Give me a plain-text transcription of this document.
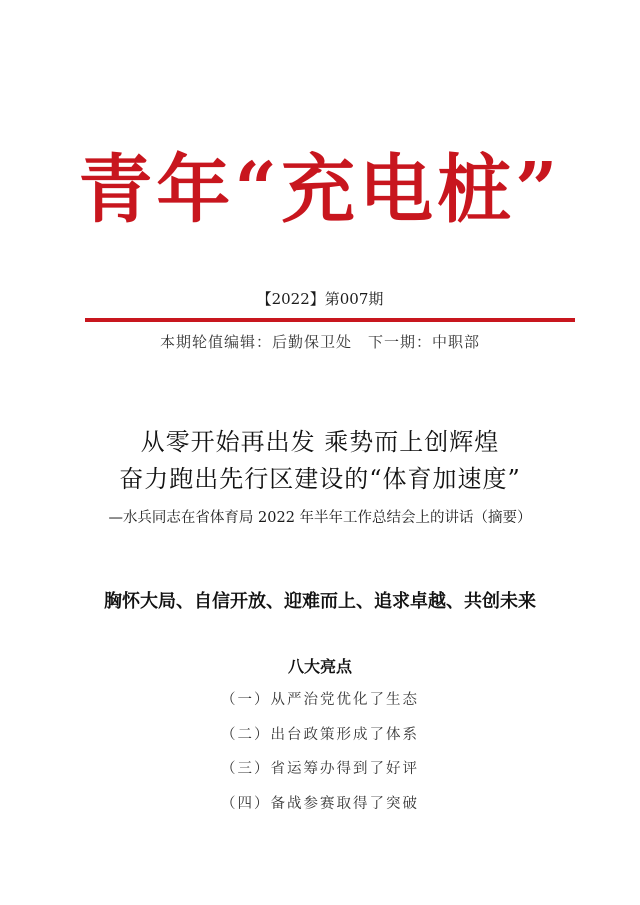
青年“充电桩”
【2022】第007期
本期轮值编辑：后勤保卫处 下一期：中职部
从零开始再出发 乘势而上创辉煌
奋力跑出先行区建设的“体育加速度”
—水兵同志在省体育局 2022 年半年工作总结会上的讲话（摘要）
胸怀大局、自信开放、迎难而上、追求卓越、共创未来
八大亮点
（一）从严治党优化了生态
（二）出台政策形成了体系
（三）省运筹办得到了好评
（四）备战参赛取得了突破
